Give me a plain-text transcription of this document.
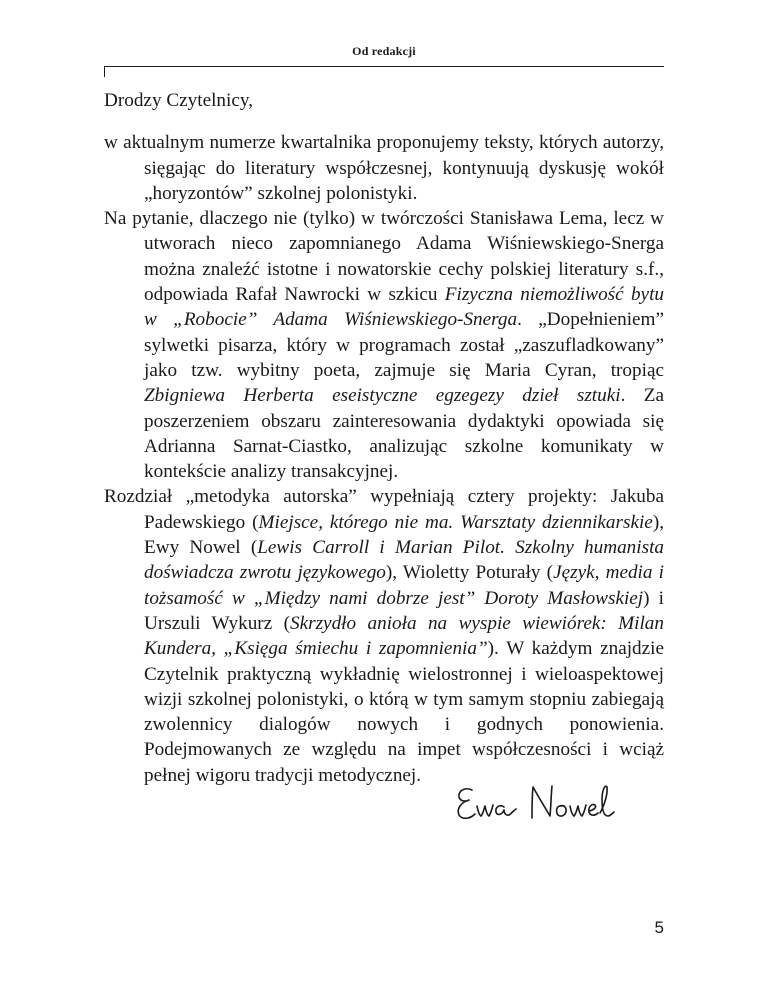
Od redakcji

Drodzy Czytelnicy,

w aktualnym numerze kwartalnika proponujemy teksty, których autorzy, sięgając do literatury współczesnej, kontynuują dyskusję wokół „horyzontów” szkolnej polonistyki.

Na pytanie, dlaczego nie (tylko) w twórczości Stanisława Lema, lecz w utworach nieco zapomnianego Adama Wiśniewskiego-Snerga można znaleźć istotne i nowatorskie cechy polskiej literatury s.f., odpowiada Rafał Nawrocki w szkicu Fizyczna niemożliwość bytu w „Robocie” Adama Wiśniewskiego-Snerga. „Dopełnieniem” sylwetki pisarza, który w programach został „zaszufladkowany” jako tzw. wybitny poeta, zajmuje się Maria Cyran, tropiąc Zbigniewa Herberta eseistyczne egzegezy dzieł sztuki. Za poszerzeniem obszaru zainteresowania dydaktyki opowiada się Adrianna Sarnat-Ciastko, analizując szkolne komunikaty w kontekście analizy transakcyjnej.

Rozdział „metodyka autorska” wypełniają cztery projekty: Jakuba Padewskiego (Miejsce, którego nie ma. Warsztaty dziennikarskie), Ewy Nowel (Lewis Carroll i Marian Pilot. Szkolny humanista doświadcza zwrotu językowego), Wioletty Poturały (Język, media i tożsamość w „Między nami dobrze jest” Doroty Masłowskiej) i Urszuli Wykurz (Skrzydło anioła na wyspie wiewiórek: Milan Kundera, „Księga śmiechu i zapomnienia”). W każdym znajdzie Czytelnik praktyczną wykładnię wielostronnej i wieloaspektowej wizji szkolnej polonistyki, o którą w tym samym stopniu zabiegają zwolennicy dialogów nowych i godnych ponowienia. Podejmowanych ze względu na impet współczesności i wciąż pełnej wigoru tradycji metodycznej.

5
